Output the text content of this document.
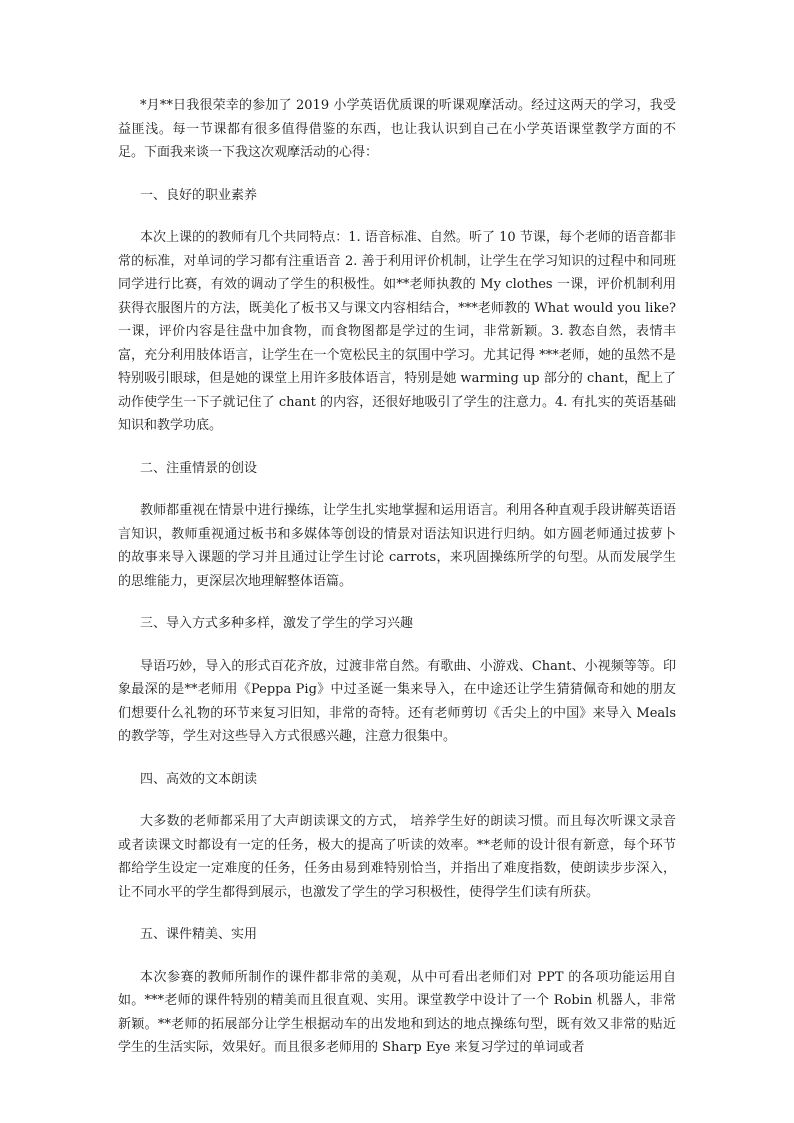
*月**日我很荣幸的参加了 2019 小学英语优质课的听课观摩活动。经过这两天的学习，我受益匪浅。每一节课都有很多值得借鉴的东西，也让我认识到自己在小学英语课堂教学方面的不足。下面我来谈一下我这次观摩活动的心得：

一、良好的职业素养

本次上课的的教师有几个共同特点：1. 语音标准、自然。听了 10 节课，每个老师的语音都非常的标准，对单词的学习都有注重语音 2. 善于利用评价机制，让学生在学习知识的过程中和同班同学进行比赛，有效的调动了学生的积极性。如**老师执教的 My clothes 一课，评价机制利用获得衣服图片的方法，既美化了板书又与课文内容相结合，***老师教的 What would you like? 一课，评价内容是往盘中加食物，而食物图都是学过的生词，非常新颖。3. 教态自然，表情丰富，充分利用肢体语言，让学生在一个宽松民主的氛围中学习。尤其记得 ***老师，她的虽然不是特别吸引眼球，但是她的课堂上用许多肢体语言，特别是她 warming up 部分的 chant，配上了动作使学生一下子就记住了 chant 的内容，还很好地吸引了学生的注意力。4. 有扎实的英语基础知识和教学功底。

二、注重情景的创设

教师都重视在情景中进行操练，让学生扎实地掌握和运用语言。利用各种直观手段讲解英语语言知识，教师重视通过板书和多媒体等创设的情景对语法知识进行归纳。如方圆老师通过拔萝卜的故事来导入课题的学习并且通过让学生讨论 carrots，来巩固操练所学的句型。从而发展学生的思维能力，更深层次地理解整体语篇。

三、导入方式多种多样，激发了学生的学习兴趣

导语巧妙，导入的形式百花齐放，过渡非常自然。有歌曲、小游戏、Chant、小视频等等。印象最深的是**老师用《Peppa Pig》中过圣诞一集来导入，在中途还让学生猜猜佩奇和她的朋友们想要什么礼物的环节来复习旧知，非常的奇特。还有老师剪切《舌尖上的中国》来导入 Meals 的教学等，学生对这些导入方式很感兴趣，注意力很集中。

四、高效的文本朗读

大多数的老师都采用了大声朗读课文的方式， 培养学生好的朗读习惯。而且每次听课文录音或者读课文时都设有一定的任务，极大的提高了听读的效率。**老师的设计很有新意，每个环节都给学生设定一定难度的任务，任务由易到难特别恰当，并指出了难度指数，使朗读步步深入，让不同水平的学生都得到展示，也激发了学生的学习积极性，使得学生们读有所获。

五、课件精美、实用

本次参赛的教师所制作的课件都非常的美观，从中可看出老师们对 PPT 的各项功能运用自如。***老师的课件特别的精美而且很直观、实用。课堂教学中设计了一个 Robin 机器人，非常新颖。**老师的拓展部分让学生根据动车的出发地和到达的地点操练句型，既有效又非常的贴近学生的生活实际，效果好。而且很多老师用的 Sharp Eye 来复习学过的单词或者
